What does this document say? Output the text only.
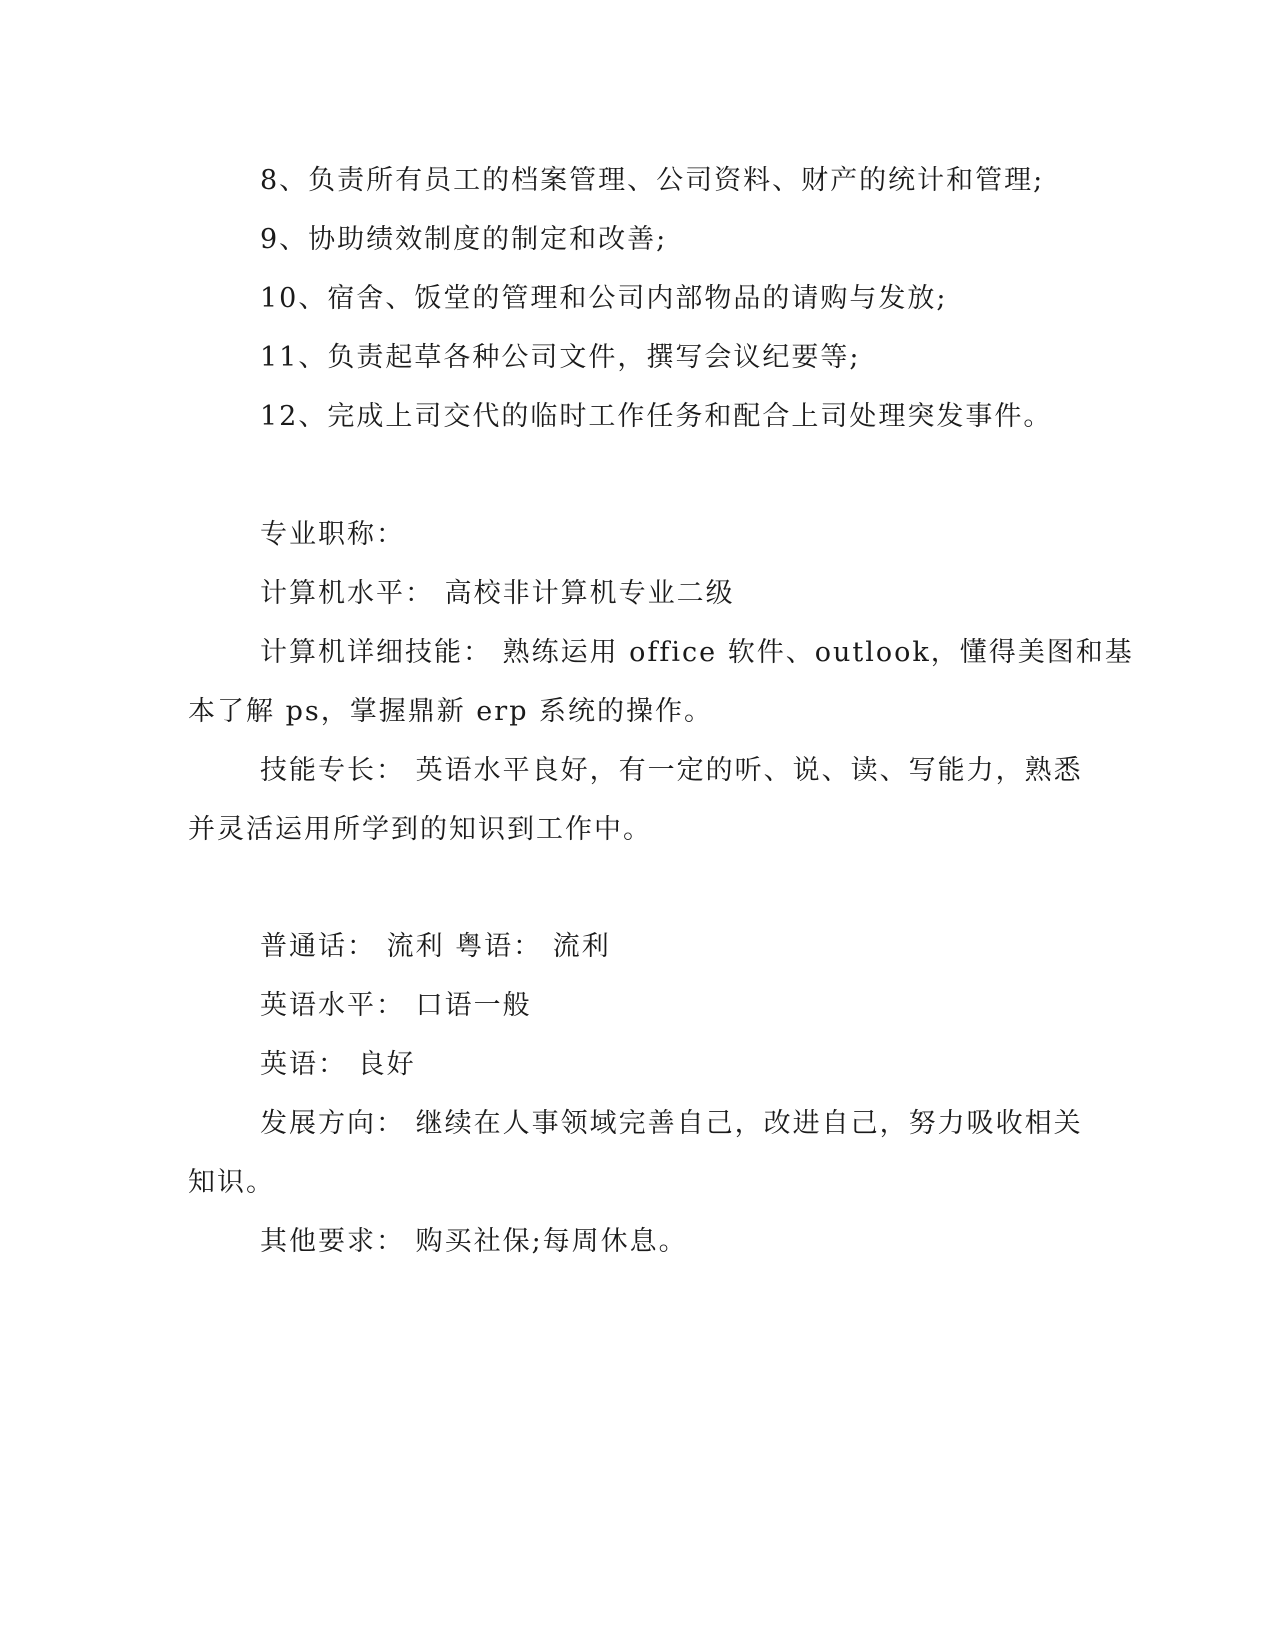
8、负责所有员工的档案管理、公司资料、财产的统计和管理;
9、协助绩效制度的制定和改善;
10、宿舍、饭堂的管理和公司内部物品的请购与发放;
11、负责起草各种公司文件，撰写会议纪要等;
12、完成上司交代的临时工作任务和配合上司处理突发事件。
专业职称：
计算机水平： 高校非计算机专业二级
计算机详细技能： 熟练运用 office 软件、outlook，懂得美图和基
本了解 ps，掌握鼎新 erp 系统的操作。
技能专长： 英语水平良好，有一定的听、说、读、写能力，熟悉
并灵活运用所学到的知识到工作中。
普通话： 流利 粤语： 流利
英语水平： 口语一般
英语： 良好
发展方向： 继续在人事领域完善自己，改进自己，努力吸收相关
知识。
其他要求： 购买社保;每周休息。
